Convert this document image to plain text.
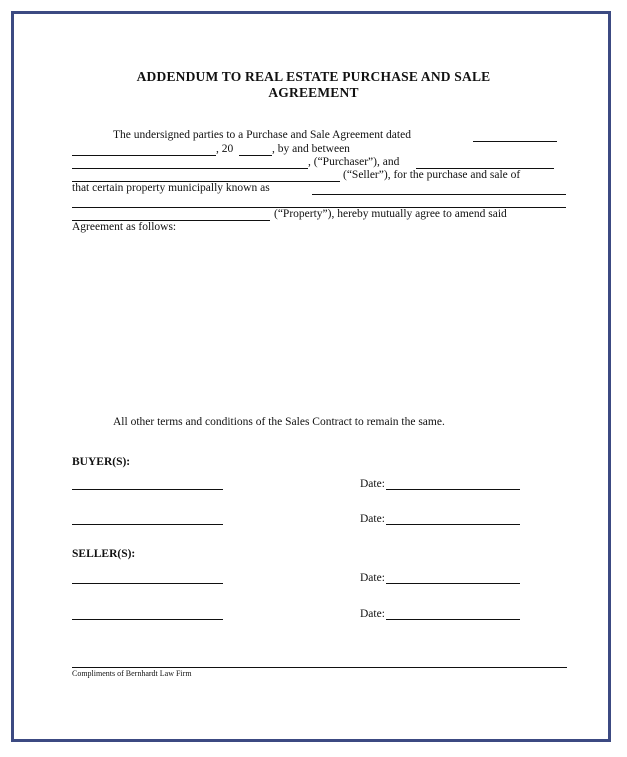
ADDENDUM TO REAL ESTATE PURCHASE AND SALE
AGREEMENT
The undersigned parties to a Purchase and Sale Agreement dated
, 20	, by and between
, (“Purchaser”), and
(“Seller”), for the purchase and sale of
that certain property municipally known as
(“Property”), hereby mutually agree to amend said
Agreement as follows:
All other terms and conditions of the Sales Contract to remain the same.
BUYER(S):
Date:
Date:
SELLER(S):
Date:
Date:
Compliments of Bernhardt Law Firm
